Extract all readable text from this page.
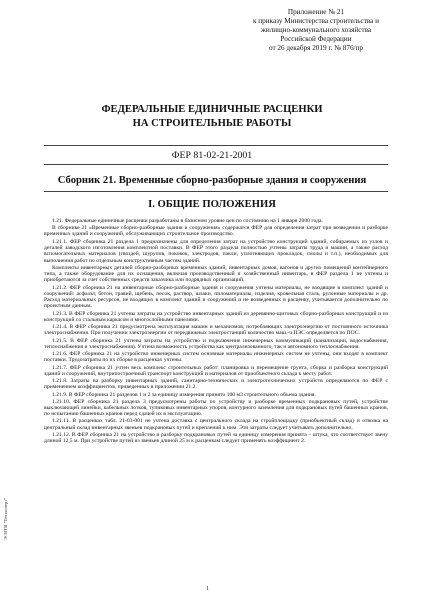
Приложение № 21
к приказу Министерства строительства и
жилищно-коммунального хозяйства
Российской Федерации
от 26 декабря 2019 г. № 876/пр
ФЕДЕРАЛЬНЫЕ ЕДИНИЧНЫЕ РАСЦЕНКИ
НА СТРОИТЕЛЬНЫЕ РАБОТЫ
ФЕР 81-02-21-2001
Сборник 21. Временные сборно-разборные здания и сооружения
I. ОБЩИЕ ПОЛОЖЕНИЯ

1.21. Федеральные единичные расценки разработаны в базисном уровне цен по состоянию на 1 января 2000 года.

В сборнике 21 «Временные сборно-разборные здания и сооружения» содержатся ФЕР для определения затрат при возведении и разборке временных зданий и сооружений, обслуживающих строительное производство.

1.21.1. ФЕР сборника 21 раздела 1 предназначены для определения затрат на устройство конструкций зданий, собираемых из узлов и деталей заводского изготовления комплектной поставки. В ФЕР этого раздела полностью учтены затраты труда и машин, а также расход вспомогательных материалов (гвоздей, шурупов, поковок, электродов, пакли, уплотняющих прокладок, смолы и т.п.), необходимых для выполнения работ по отдельным конструктивным частям зданий.

Комплекты инвентарных деталей сборно-разборных временных зданий, инвентарных домов, вагонов и других помещений контейнерного типа, а также оборудование для их оснащения, включая производственный и хозяйственный инвентарь, в ФЕР раздела 1 не учтены и приобретаются за счет собственных средств заказчика или подрядных организаций.

1.21.2. ФЕР сборника 21 на инвентарные сборно-разборные здания и сооружения учтены материалы, не входящие в комплект зданий и сооружений: асфальт, бетон, гравий, щебень, песок, раствор, шлаки, пиломатериалы, изделия, кровельная сталь, рулонные материалы и др. Расход материальных ресурсов, не входящих в комплект зданий и сооружений и не возведенных в расценку, учитывается дополнительно по проектным данным.

1.21.3. В ФЕР сборника 21 учтены затраты на устройство инвентарных зданий из деревянно-щитовых сборно-разборных конструкций и из конструкций со стальным каркасом и многослойными панелями.

1.21.4. В ФЕР сборника 21 предусмотрена эксплуатация машин и механизмов, потребляющих электроэнергию от постоянного источника электроснабжения. При получении электроэнергии от передвижных электростанций количество маш.-ч ПЭС определяется по ПОС.

1.21.5. В ФЕР сборника 21 учтены затраты на устройство и подключение инженерных коммуникаций (канализации, водоснабжения, теплоснабжения и электроснабжения). Учтена возможность устройства как централизованного, так и автономного теплоснабжения.

1.21.6. ФЕР сборника 21 на устройство инженерных систем основные материалы инженерных систем не учтены, они входят в комплект поставки. Трудозатраты по их сборке в расценках учтены.

1.21.7. ФЕР сборника 21 учтен весь комплекс строительных работ: планировка и перемещение грунта, сборка и разборка конструкций зданий и сооружений, внутрипостроечный транспорт конструкций и материалов от приобъектного склада к месту работ.

1.21.8. Затраты на разборку инвентарных зданий, санитарно-технических и электротехнических устройств определяются по ФЕР с применением коэффициентов, приведенных в приложении 21.2.

1.21.9. В ФЕР сборника 21 разделов 1 и 2 за единицу измерения принято 100 м3 строительного объема здания.

1.21.10. ФЕР сборника 21 раздела 3 предусмотрены работы по устройству и разборке временных подкрановых путей, устройстве выключающей линейки, кабельных лотков, тупиковых инвентарных упоров, контурного заземления для подкрановых путей башенных кранов, по испытанию башенных кранов перед сдачей их в эксплуатацию.

1.21.11. В расценках табл. 21-03-001 не учтена доставка с центрального склада на стройплощадку (приобъектный склад) и отвозка на центральный склад инвентарных звеньев подкрановых путей и креплений к ним. Эти затраты следует учитывать дополнительно.

1.21.12. В ФЕР сборника 21 на устройство и разборку подкрановых путей за единицу измерения принята – штука, что соответствует звену длиной 12,5 м. При устройстве путей из звеньев длиной 25 м к расценкам следует применять коэффициент 2.

ЭСИТИ "Техэксперт"
1
